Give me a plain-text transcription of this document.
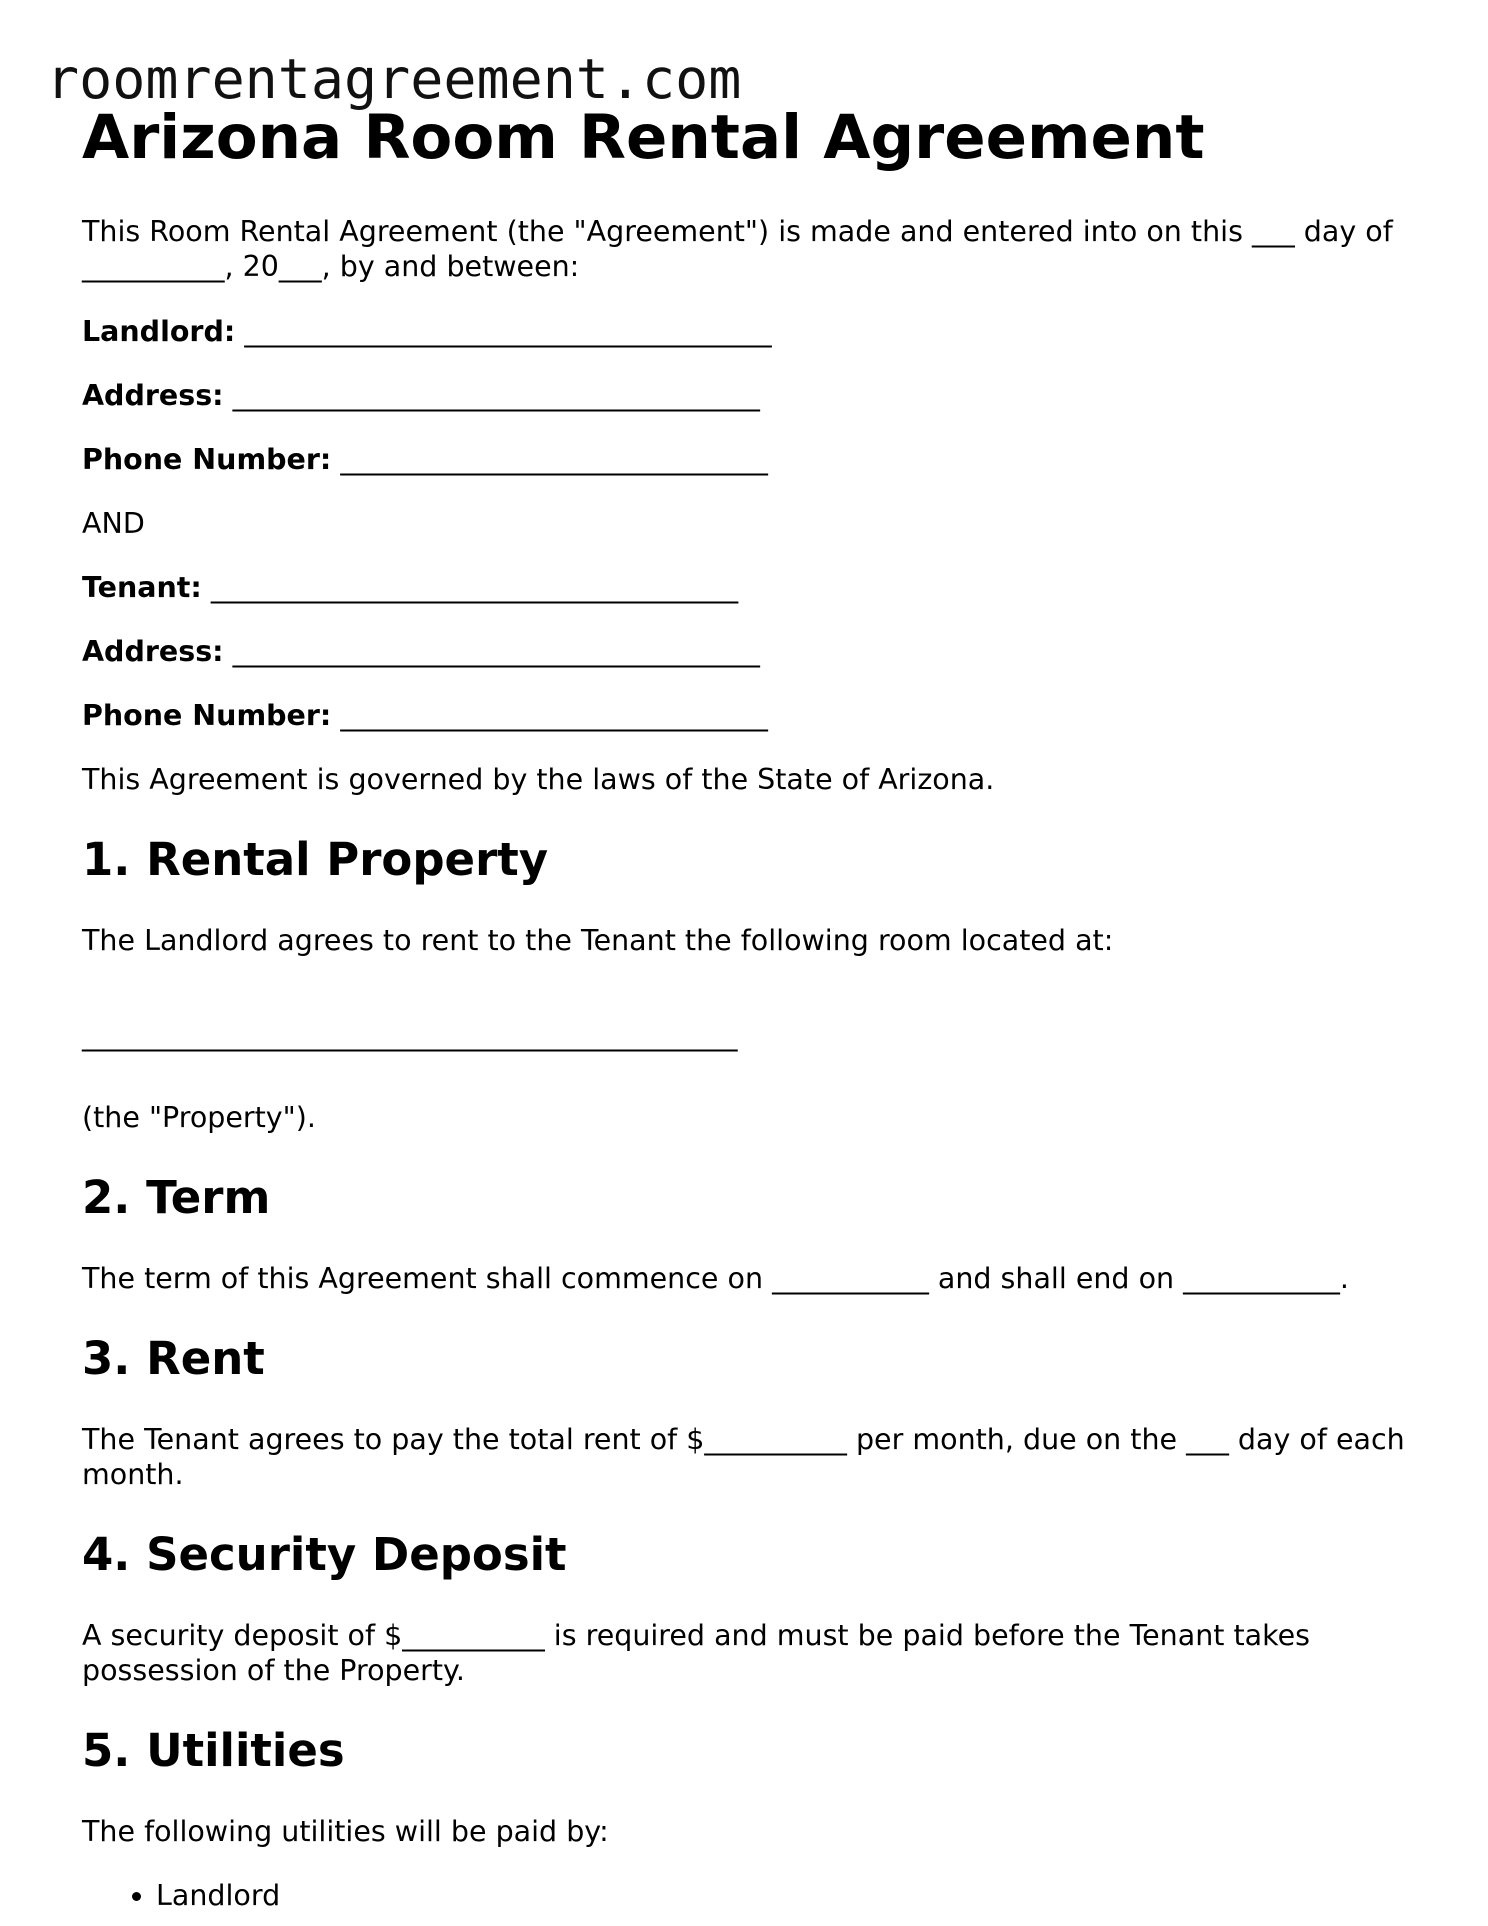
roomrentagreement.com
Arizona Room Rental Agreement

This Room Rental Agreement (the "Agreement") is made and entered into on this ___ day of __________, 20___, by and between:

Landlord: _____________________________________

Address: _____________________________________

Phone Number: ______________________________

AND

Tenant: _____________________________________

Address: _____________________________________

Phone Number: ______________________________

This Agreement is governed by the laws of the State of Arizona.

1. Rental Property

The Landlord agrees to rent to the Tenant the following room located at:

______________________________________________

(the "Property").

2. Term

The term of this Agreement shall commence on ___________ and shall end on ___________.

3. Rent

The Tenant agrees to pay the total rent of $__________ per month, due on the ___ day of each month.

4. Security Deposit

A security deposit of $__________ is required and must be paid before the Tenant takes possession of the Property.

5. Utilities

The following utilities will be paid by:

• Landlord
